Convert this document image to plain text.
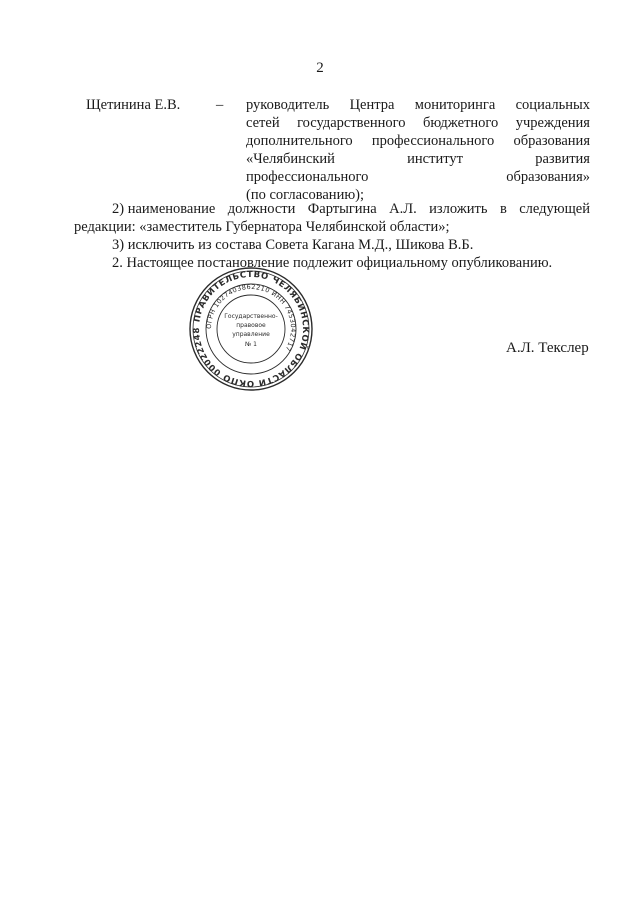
2
Щетинина Е.В. – руководитель Центра мониторинга социальных
сетей государственного бюджетного учреждения
дополнительного профессионального образования
«Челябинский	институт	развития
профессионального	образования»
(по согласованию);
2) наименование должности Фартыгина А.Л. изложить в следующей
редакции: «заместитель Губернатора Челябинской области»;
3) исключить из состава Совета Кагана М.Д., Шикова В.Б.
2. Настоящее постановление подлежит официальному опубликованию.
ПРАВИТЕЛЬСТВО ЧЕЛЯБИНСКОЙ ОБЛАСТИ ОКПО 00022248
ОГРН 1027403862210 ИНН 7453042717
Государственно-
правовое
управление
№ 1	А.Л. Текслер
